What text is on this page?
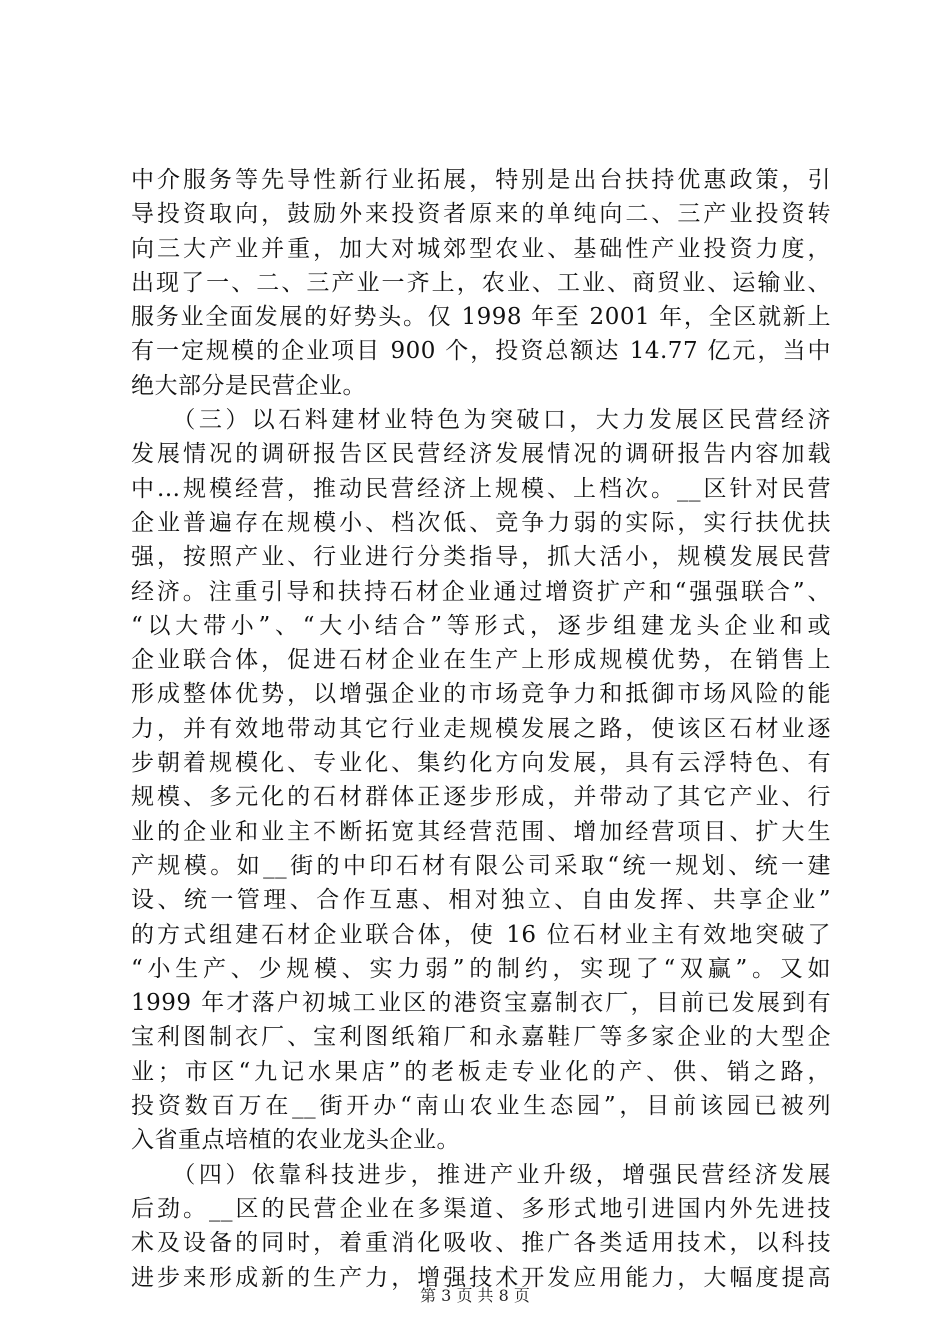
中介服务等先导性新行业拓展，特别是出台扶持优惠政策，引
导投资取向，鼓励外来投资者原来的单纯向二、三产业投资转
向三大产业并重，加大对城郊型农业、基础性产业投资力度，
出现了一、二、三产业一齐上，农业、工业、商贸业、运输业、
服务业全面发展的好势头。仅 1998 年至 2001 年，全区就新上
有一定规模的企业项目 900 个，投资总额达 14.77 亿元，当中
绝大部分是民营企业。
　　（三）以石料建材业特色为突破口，大力发展区民营经济
发展情况的调研报告区民营经济发展情况的调研报告内容加载
中...规模经营，推动民营经济上规模、上档次。__区针对民营
企业普遍存在规模小、档次低、竞争力弱的实际，实行扶优扶
强，按照产业、行业进行分类指导，抓大活小，规模发展民营
经济。注重引导和扶持石材企业通过增资扩产和“强强联合”、
“以大带小”、“大小结合”等形式，逐步组建龙头企业和或
企业联合体，促进石材企业在生产上形成规模优势，在销售上
形成整体优势，以增强企业的市场竞争力和抵御市场风险的能
力，并有效地带动其它行业走规模发展之路，使该区石材业逐
步朝着规模化、专业化、集约化方向发展，具有云浮特色、有
规模、多元化的石材群体正逐步形成，并带动了其它产业、行
业的企业和业主不断拓宽其经营范围、增加经营项目、扩大生
产规模。如__街的中印石材有限公司采取“统一规划、统一建
设、统一管理、合作互惠、相对独立、自由发挥、共享企业”
的方式组建石材企业联合体，使 16 位石材业主有效地突破了
“小生产、少规模、实力弱”的制约，实现了“双赢”。又如
1999 年才落户初城工业区的港资宝嘉制衣厂，目前已发展到有
宝利图制衣厂、宝利图纸箱厂和永嘉鞋厂等多家企业的大型企
业；市区“九记水果店”的老板走专业化的产、供、销之路，
投资数百万在__街开办“南山农业生态园”，目前该园已被列
入省重点培植的农业龙头企业。
　　（四）依靠科技进步，推进产业升级，增强民营经济发展
后劲。__区的民营企业在多渠道、多形式地引进国内外先进技
术及设备的同时，着重消化吸收、推广各类适用技术，以科技
进步来形成新的生产力，增强技术开发应用能力，大幅度提高
第 3 页 共 8 页
